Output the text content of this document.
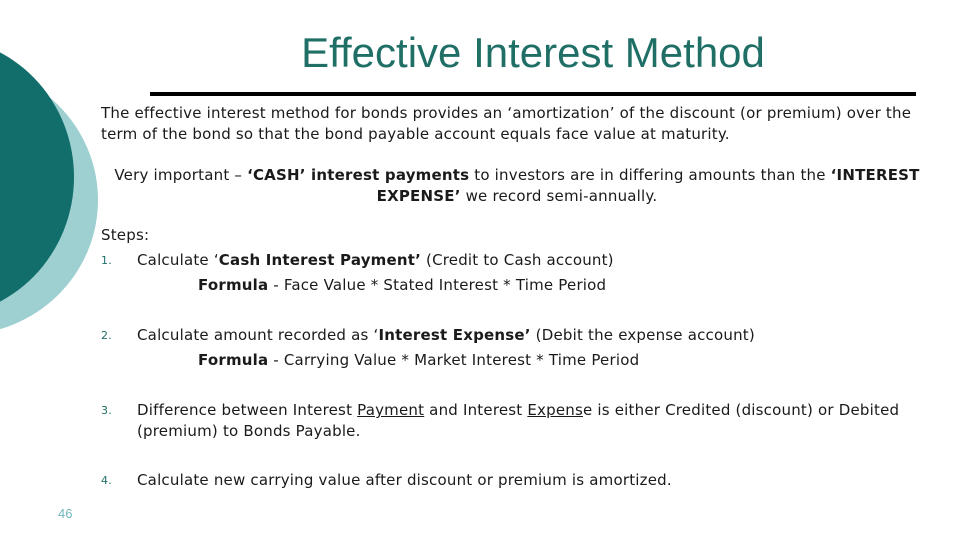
Effective Interest Method

The effective interest method for bonds provides an ‘amortization’ of the discount (or premium) over the term of the bond so that the bond payable account equals face value at maturity.

Very important – ‘CASH’ interest payments to investors are in differing amounts than the ‘INTEREST EXPENSE’ we record semi-annually.

Steps:
1. Calculate ‘Cash Interest Payment’ (Credit to Cash account)
Formula - Face Value * Stated Interest * Time Period
2. Calculate amount recorded as ‘Interest Expense’ (Debit the expense account)
Formula - Carrying Value * Market Interest * Time Period
3. Difference between Interest Payment and Interest Expense is either Credited (discount) or Debited (premium) to Bonds Payable.
4. Calculate new carrying value after discount or premium is amortized.
46
